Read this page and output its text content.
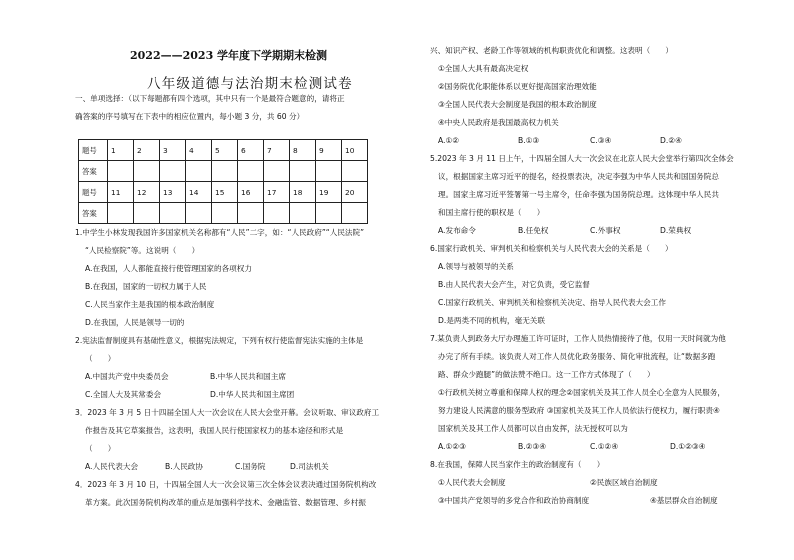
2022——2023 学年度下学期期末检测
八年级道德与法治期末检测试卷
一、单项选择：（以下每题都有四个选项，其中只有一个是最符合题意的，请将正
确答案的序号填写在下表中的相应位置内，每小题 3 分，共 60 分）
题号	1	2	3	4	5	6	7	8	9	10
答案										
题号	11	12	13	14	15	16	17	18	19	20
答案										
1.中学生小林发现我国许多国家机关名称都有“人民”二字，如：“人民政府”“人民法院”
“人民检察院”等。这说明（　　）
A.在我国，人人都能直接行使管理国家的各项权力
B.在我国，国家的一切权力属于人民
C.人民当家作主是我国的根本政治制度
D.在我国，人民是领导一切的
2.宪法监督制度具有基础性意义，根据宪法规定，下列有权行使监督宪法实施的主体是
（　　）
A.中国共产党中央委员会	B.中华人民共和国主席
C.全国人大及其常委会	D.中华人民共和国主席团
3．2023 年 3 月 5 日十四届全国人大一次会议在人民大会堂开幕。会议听取、审议政府工
作报告及其它草案报告，这表明，我国人民行使国家权力的基本途径和形式是
（　　）
A.人民代表大会	B.人民政协	C.国务院	D.司法机关
4．2023 年 3 月 10 日，十四届全国人大一次会议第三次全体会议表决通过国务院机构改
革方案。此次国务院机构改革的重点是加强科学技术、金融监管、数据管理、乡村振
兴、知识产权、老龄工作等领域的机构职责优化和调整。这表明（　　）
①全国人大具有最高决定权
②国务院优化职能体系以更好提高国家治理效能
③全国人民代表大会制度是我国的根本政治制度
④中央人民政府是我国最高权力机关
A.①②	B.①③	C.③④	D.②④
5.2023 年 3 月 11 日上午，十四届全国人大一次会议在北京人民大会堂举行第四次全体会
议，根据国家主席习近平的提名，经投票表决，决定李强为中华人民共和国国务院总
理。国家主席习近平签署第一号主席令，任命李强为国务院总理。这体现中华人民共
和国主席行使的职权是（　　）
A.发布命令	B.任免权	C.外事权	D.荣典权
6.国家行政机关、审判机关和检察机关与人民代表大会的关系是（　　）
A.领导与被领导的关系
B.由人民代表大会产生，对它负责，受它监督
C.国家行政机关、审判机关和检察机关决定、指导人民代表大会工作
D.是两类不同的机构，毫无关联
7.某负责人到政务大厅办理施工许可证时，工作人员热情接待了他，仅用一天时间就为他
办完了所有手续。该负责人对工作人员优化政务服务、简化审批流程，让“数据多跑
路、群众少跑腿”的做法赞不绝口。这一工作方式体现了（　　）
①行政机关树立尊重和保障人权的理念②国家机关及其工作人员全心全意为人民服务，
努力建设人民满意的服务型政府 ③国家机关及其工作人员依法行使权力，履行职责④
国家机关及其工作人员都可以自由发挥，法无授权可以为
A.①②③	B.②③④	C.①②④	D.①②③④
8.在我国，保障人民当家作主的政治制度有（　　）
①人民代表大会制度	②民族区域自治制度
③中国共产党领导的多党合作和政治协商制度	④基层群众自治制度
